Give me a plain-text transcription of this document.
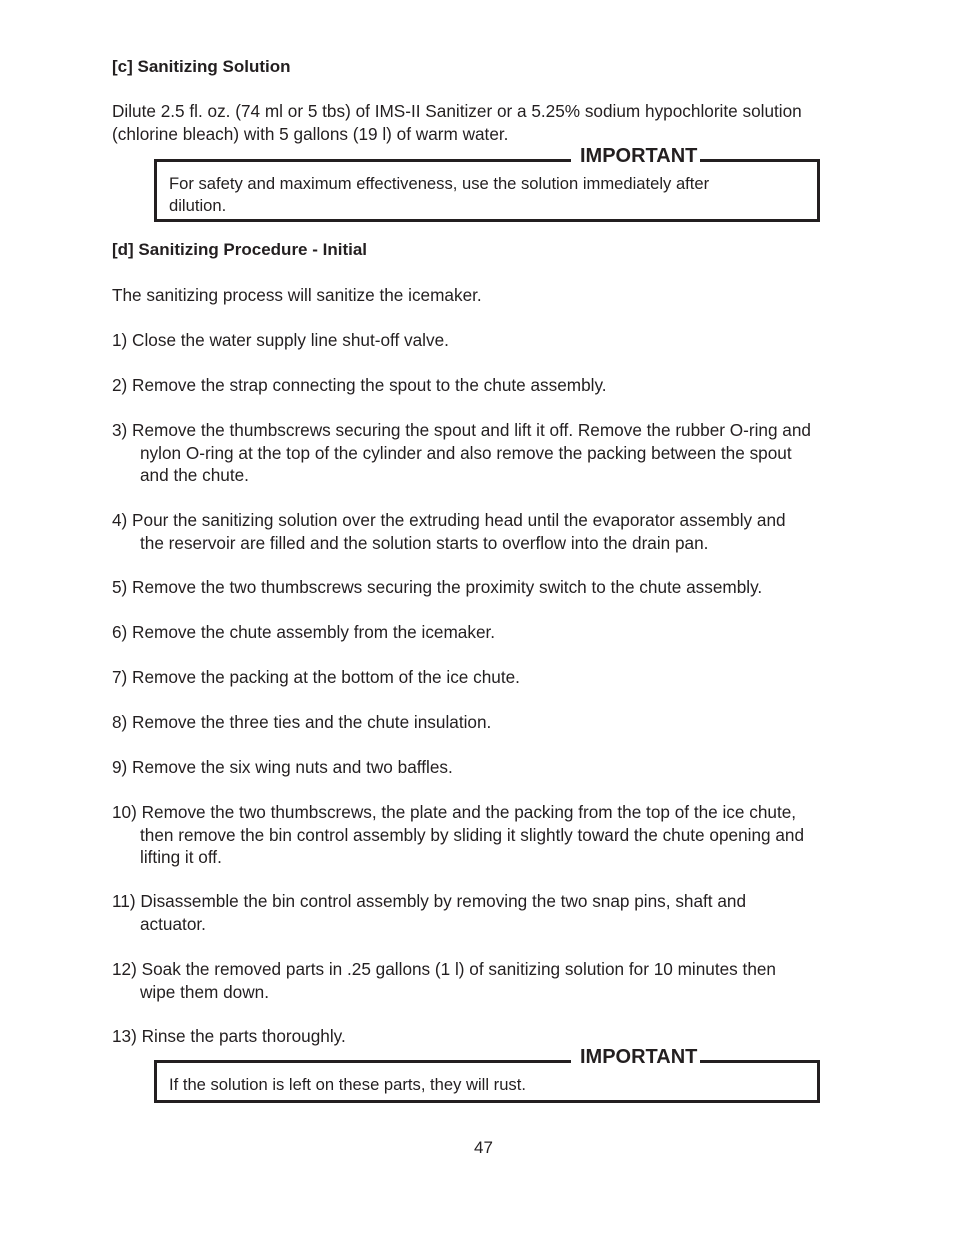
[c] Sanitizing Solution
Dilute 2.5 fl. oz. (74 ml or 5 tbs) of IMS-II Sanitizer or a 5.25% sodium hypochlorite solution
(chlorine bleach) with 5 gallons (19 l) of warm water.
IMPORTANT
For safety and maximum effectiveness, use the solution immediately after
dilution.
[d] Sanitizing Procedure - Initial
The sanitizing process will sanitize the icemaker.
1) Close the water supply line shut-off valve.
2) Remove the strap connecting the spout to the chute assembly.
3) Remove the thumbscrews securing the spout and lift it off. Remove the rubber O-ring and
nylon O-ring at the top of the cylinder and also remove the packing between the spout
and the chute.
4) Pour the sanitizing solution over the extruding head until the evaporator assembly and
the reservoir are filled and the solution starts to overflow into the drain pan.
5) Remove the two thumbscrews securing the proximity switch to the chute assembly.
6) Remove the chute assembly from the icemaker.
7) Remove the packing at the bottom of the ice chute.
8) Remove the three ties and the chute insulation.
9) Remove the six wing nuts and two baffles.
10) Remove the two thumbscrews, the plate and the packing from the top of the ice chute,
then remove the bin control assembly by sliding it slightly toward the chute opening and
lifting it off.
11) Disassemble the bin control assembly by removing the two snap pins, shaft and
actuator.
12) Soak the removed parts in .25 gallons (1 l) of sanitizing solution for 10 minutes then
wipe them down.
13) Rinse the parts thoroughly.
IMPORTANT
If the solution is left on these parts, they will rust.
47
